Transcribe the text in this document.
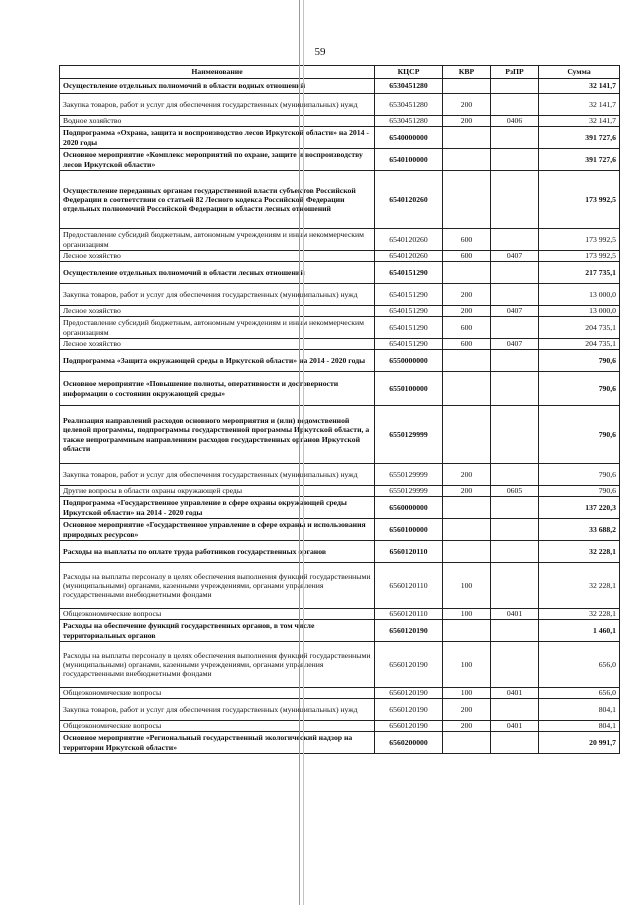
59
Наименование	КЦСР	КВР	РзПР	Сумма
Осуществление отдельных полномочий в области водных отношений	6530451280			32 141,7
Закупка товаров, работ и услуг для обеспечения государственных (муниципальных) нужд	6530451280	200		32 141,7
Водное хозяйство	6530451280	200	0406	32 141,7
Подпрограмма «Охрана, защита и воспроизводство лесов Иркутской области» на 2014 - 2020 годы	6540000000			391 727,6
Основное мероприятие «Комплекс мероприятий по охране, защите и воспроизводству лесов Иркутской области»	6540100000			391 727,6
Осуществление переданных органам государственной власти субъектов Российской Федерации в соответствии со статьей 82 Лесного кодекса Российской Федерации отдельных полномочий Российской Федерации в области лесных отношений	6540120260			173 992,5
Предоставление субсидий бюджетным, автономным учреждениям и иным некоммерческим организациям	6540120260	600		173 992,5
Лесное хозяйство	6540120260	600	0407	173 992,5
Осуществление отдельных полномочий в области лесных отношений	6540151290			217 735,1
Закупка товаров, работ и услуг для обеспечения государственных (муниципальных) нужд	6540151290	200		13 000,0
Лесное хозяйство	6540151290	200	0407	13 000,0
Предоставление субсидий бюджетным, автономным учреждениям и иным некоммерческим организациям	6540151290	600		204 735,1
Лесное хозяйство	6540151290	600	0407	204 735,1
Подпрограмма «Защита окружающей среды в Иркутской области» на 2014 - 2020 годы	6550000000			790,6
Основное мероприятие «Повышение полноты, оперативности и достоверности информации о состоянии окружающей среды»	6550100000			790,6
Реализация направлений расходов основного мероприятия и (или) ведомственной целевой программы, подпрограммы государственной программы Иркутской области, а также непрограммным направлениям расходов государственных органов Иркутской области	6550129999			790,6
Закупка товаров, работ и услуг для обеспечения государственных (муниципальных) нужд	6550129999	200		790,6
Другие вопросы в области охраны окружающей среды	6550129999	200	0605	790,6
Подпрограмма «Государственное управление в сфере охраны окружающей среды Иркутской области» на 2014 - 2020 годы	6560000000			137 220,3
Основное мероприятие «Государственное управление в сфере охраны и использования природных ресурсов»	6560100000			33 688,2
Расходы на выплаты по оплате труда работников государственных органов	6560120110			32 228,1
Расходы на выплаты персоналу в целях обеспечения выполнения функций государственными (муниципальными) органами, казенными учреждениями, органами управления государственными внебюджетными фондами	6560120110	100		32 228,1
Общеэкономические вопросы	6560120110	100	0401	32 228,1
Расходы на обеспечение функций государственных органов, в том числе территориальных органов	6560120190			1 460,1
Расходы на выплаты персоналу в целях обеспечения выполнения функций государственными (муниципальными) органами, казенными учреждениями, органами управления государственными внебюджетными фондами	6560120190	100		656,0
Общеэкономические вопросы	6560120190	100	0401	656,0
Закупка товаров, работ и услуг для обеспечения государственных (муниципальных) нужд	6560120190	200		804,1
Общеэкономические вопросы	6560120190	200	0401	804,1
Основное мероприятие «Региональный государственный экологический надзор на территории Иркутской области»	6560200000			20 991,7
